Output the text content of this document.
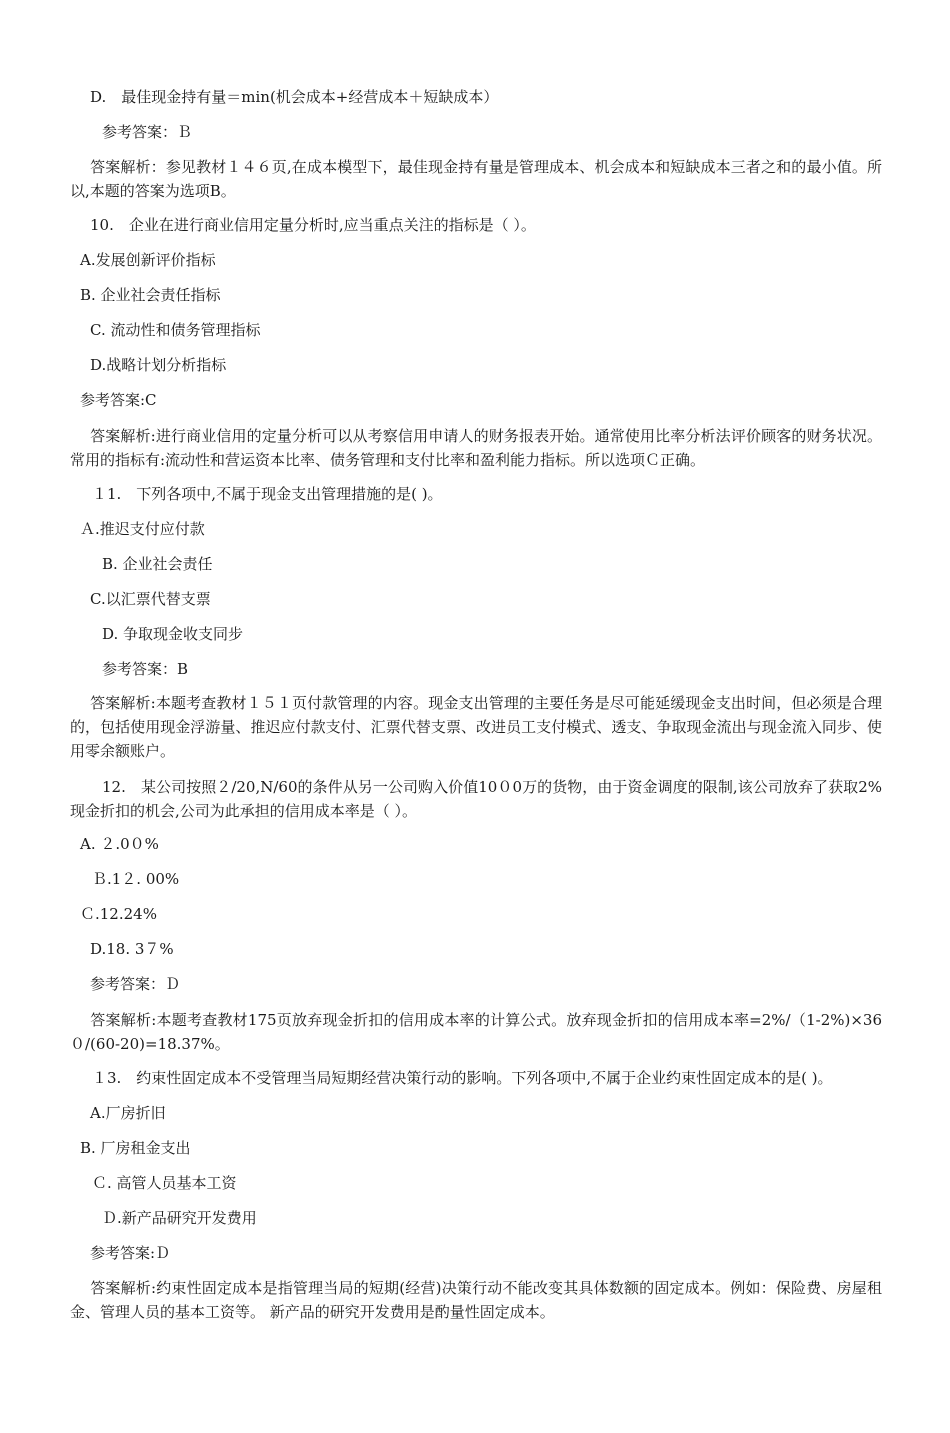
D.　最佳现金持有量＝min(机会成本+经营成本＋短缺成本）
参考答案：Ｂ
答案解析：参见教材１４６页,在成本模型下，最佳现金持有量是管理成本、机会成本和短缺成本三者之和的最小值。所以,本题的答案为选项B。
10.　企业在进行商业信用定量分析时,应当重点关注的指标是（ ）。
A.发展创新评价指标
B. 企业社会责任指标
C. 流动性和债务管理指标
D.战略计划分析指标
参考答案:C
答案解析:进行商业信用的定量分析可以从考察信用申请人的财务报表开始。通常使用比率分析法评价顾客的财务状况。常用的指标有:流动性和营运资本比率、债务管理和支付比率和盈利能力指标。所以选项Ｃ正确。
１1.　下列各项中,不属于现金支出管理措施的是( )。
Ａ.推迟支付应付款
B. 企业社会责任
C.以汇票代替支票
D. 争取现金收支同步
参考答案：B
答案解析:本题考查教材１５１页付款管理的内容。现金支出管理的主要任务是尽可能延缓现金支出时间，但必须是合理的，包括使用现金浮游量、推迟应付款支付、汇票代替支票、改进员工支付模式、透支、争取现金流出与现金流入同步、使用零余额账户。
12.　某公司按照２/20,N/60的条件从另一公司购入价值10０0万的货物，由于资金调度的限制,该公司放弃了获取2%现金折扣的机会,公司为此承担的信用成本率是（ ）。
A. ２.0０%
Ｂ.1２. 00%
Ｃ.12.24%
D.18. 3７%
参考答案：Ｄ
答案解析:本题考查教材175页放弃现金折扣的信用成本率的计算公式。放弃现金折扣的信用成本率=2%/（1-2%)×36０/(60-20)=18.37%。
１3.　约束性固定成本不受管理当局短期经营决策行动的影响。下列各项中,不属于企业约束性固定成本的是( )。
A.厂房折旧
B. 厂房租金支出
Ｃ. 高管人员基本工资
Ｄ.新产品研究开发费用
参考答案:Ｄ
答案解析:约束性固定成本是指管理当局的短期(经营)决策行动不能改变其具体数额的固定成本。例如：保险费、房屋租金、管理人员的基本工资等。 新产品的研究开发费用是酌量性固定成本。
